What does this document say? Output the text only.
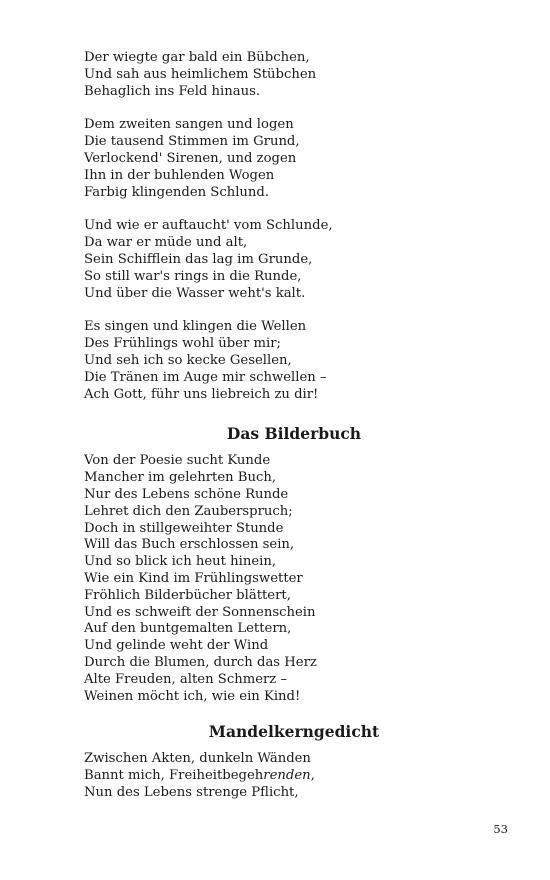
Der wiegte gar bald ein Bübchen,
Und sah aus heimlichem Stübchen
Behaglich ins Feld hinaus.
Dem zweiten sangen und logen
Die tausend Stimmen im Grund,
Verlockend' Sirenen, und zogen
Ihn in der buhlenden Wogen
Farbig klingenden Schlund.
Und wie er auftaucht' vom Schlunde,
Da war er müde und alt,
Sein Schifflein das lag im Grunde,
So still war's rings in die Runde,
Und über die Wasser weht's kalt.
Es singen und klingen die Wellen
Des Frühlings wohl über mir;
Und seh ich so kecke Gesellen,
Die Tränen im Auge mir schwellen –
Ach Gott, führ uns liebreich zu dir!
Das Bilderbuch
Von der Poesie sucht Kunde
Mancher im gelehrten Buch,
Nur des Lebens schöne Runde
Lehret dich den Zauberspruch;
Doch in stillgeweihter Stunde
Will das Buch erschlossen sein,
Und so blick ich heut hinein,
Wie ein Kind im Frühlingswetter
Fröhlich Bilderbücher blättert,
Und es schweift der Sonnenschein
Auf den buntgemalten Lettern,
Und gelinde weht der Wind
Durch die Blumen, durch das Herz
Alte Freuden, alten Schmerz –
Weinen möcht ich, wie ein Kind!
Mandelkerngedicht
Zwischen Akten, dunkeln Wänden
Bannt mich, Freiheitbegehrenden,
Nun des Lebens strenge Pflicht,
53
